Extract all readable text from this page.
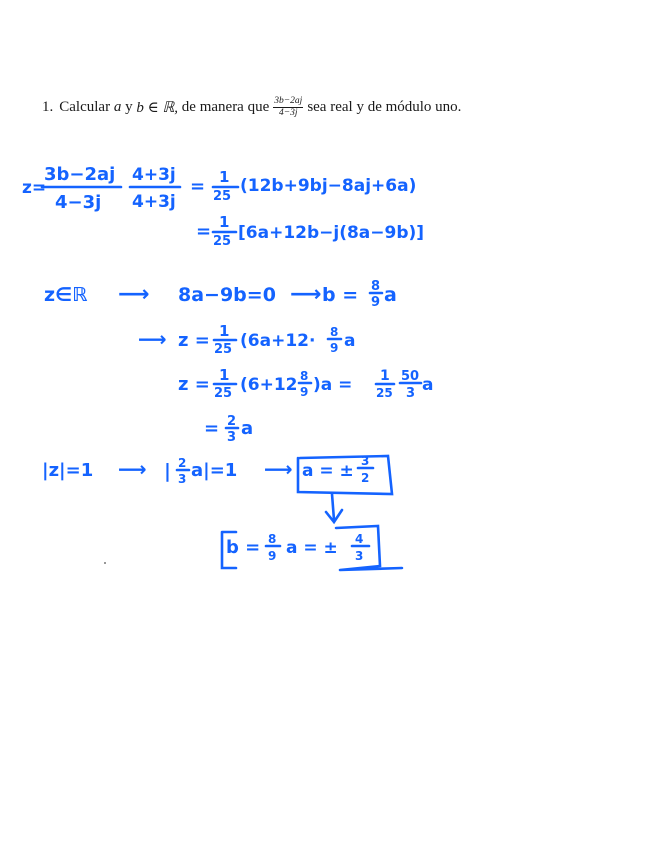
1. Calcular
a
y
b ∈ ℝ,
de manera que $\frac{3b-2aj}{4-3j}$ sea real y de módulo uno.
z=
3b−2aj
4−3j
4+3j
4+3j
= 1
25
(12b+9bj−8aj+6a)
= 1
25 [6a+12b−j(8a−9b)]
z∈ℝ ⟶ 8a−9b=0 ⟶ b = 8
9 a
⟶ z = 1
25 (6a+12· 8
9 a
z = 1
25 (6+12 8
9 )a = 1
25
50
3 a
= 2
3 a
|z|=1 ⟶ | 2
3 a|=1 ⟶ a = ± 3
2
b = 8
9 a = ± 4
3
